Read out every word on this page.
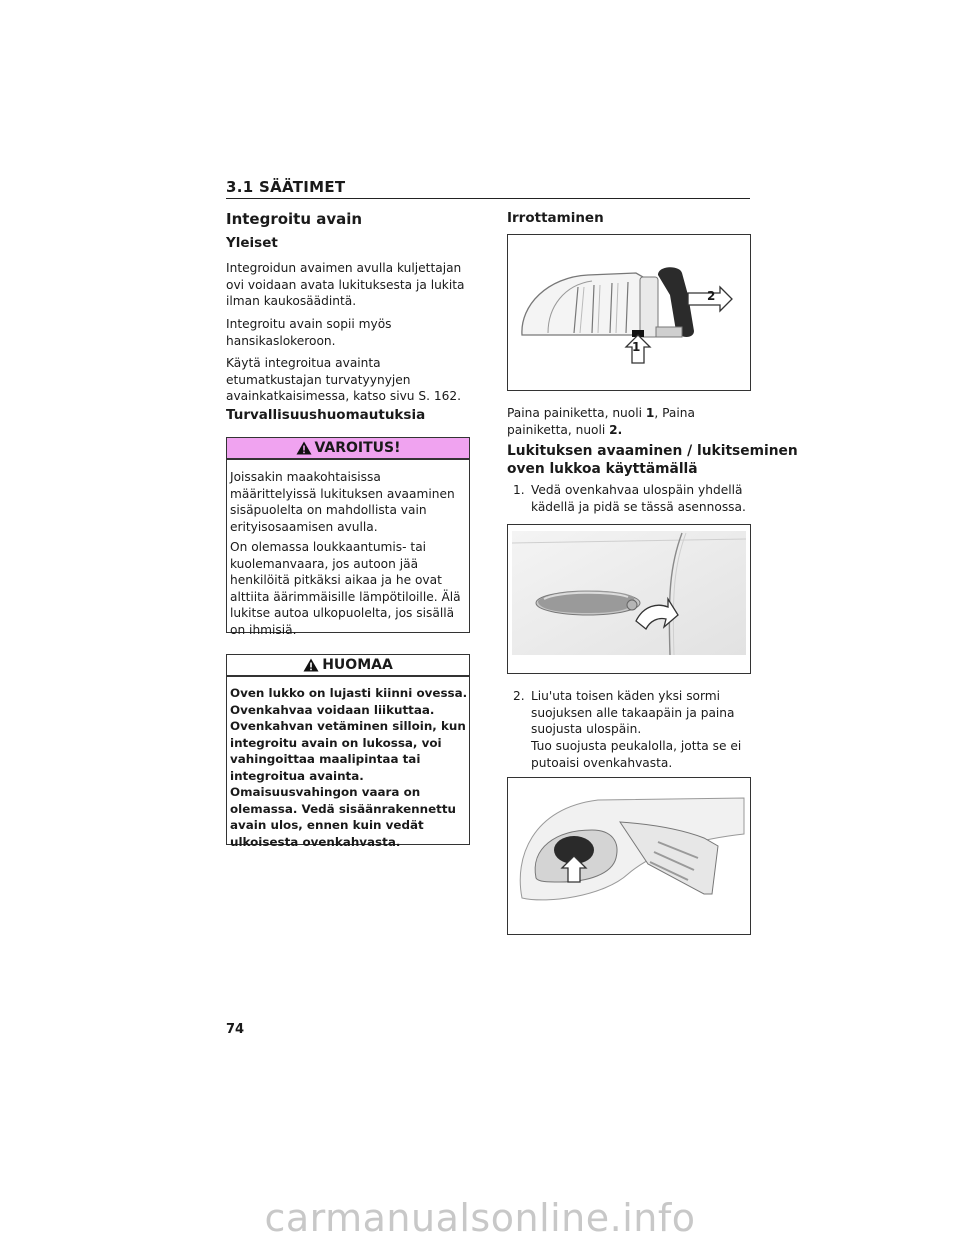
3.1 SÄÄTIMET
Integroitu avain
Yleiset
Integroidun avaimen avulla kuljettajan ovi voidaan avata lukituksesta ja lukita ilman kaukosäädintä.
Integroitu avain sopii myös hansikaslokeroon.
Käytä integroitua avainta etumatkustajan turvatyynyjen avainkatkaisimessa, katso sivu S. 162.
Turvallisuushuomautuksia
VAROITUS!
Joissakin maakohtaisissa määrittelyissä lukituksen avaaminen sisäpuolelta on mahdollista vain erityisosaamisen avulla.
On olemassa loukkaantumis- tai kuolemanvaara, jos autoon jää henkilöitä pitkäksi aikaa ja he ovat alttiita äärimmäisille lämpötiloille. Älä lukitse autoa ulkopuolelta, jos sisällä on ihmisiä.
HUOMAA
Oven lukko on lujasti kiinni ovessa. Ovenkahvaa voidaan liikuttaa. Ovenkahvan vetäminen silloin, kun integroitu avain on lukossa, voi vahingoittaa maalipintaa tai integroitua avainta. Omaisuusvahingon vaara on olemassa. Vedä sisäänrakennettu avain ulos, ennen kuin vedät ulkoisesta ovenkahvasta.
Irrottaminen
2
1
Paina painiketta, nuoli 1, Paina painiketta, nuoli 2.
Lukituksen avaaminen / lukitseminen
oven lukkoa käyttämällä
1. Vedä ovenkahvaa ulospäin yhdellä kädellä ja pidä se tässä asennossa.
2. Liu'uta toisen käden yksi sormi suojuksen alle takaapäin ja paina suojusta ulospäin.
Tuo suojusta peukalolla, jotta se ei putoaisi ovenkahvasta.
74
carmanualsonline.info
